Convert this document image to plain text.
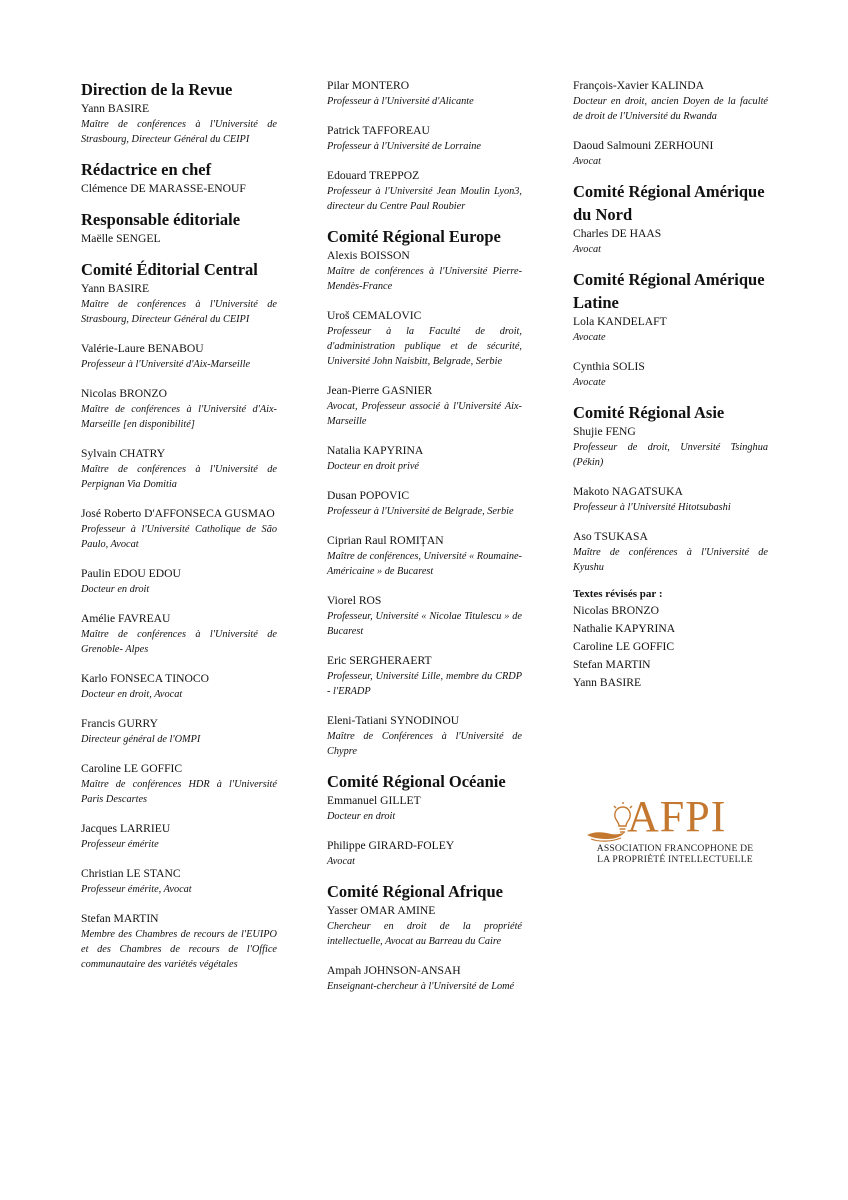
Direction de la Revue
Yann BASIRE
Maître de conférences à l'Université de Strasbourg, Directeur Général du CEIPI
Rédactrice en chef
Clémence DE MARASSE-ENOUF
Responsable éditoriale
Maëlle SENGEL
Comité Éditorial Central
Yann BASIRE
Maître de conférences à l'Université de Strasbourg, Directeur Général du CEIPI
Valérie-Laure BENABOU
Professeur à l'Université d'Aix-Marseille
Nicolas BRONZO
Maître de conférences à l'Université d'Aix- Marseille [en disponibilité]
Sylvain CHATRY
Maître de conférences à l'Université de Perpignan Via Domitia
José Roberto D'AFFONSECA GUSMAO
Professeur à l'Université Catholique de São Paulo, Avocat
Paulin EDOU EDOU
Docteur en droit
Amélie FAVREAU
Maître de conférences à l'Université de Grenoble- Alpes
Karlo FONSECA TINOCO
Docteur en droit, Avocat
Francis GURRY
Directeur général de l'OMPI
Caroline LE GOFFIC
Maître de conférences HDR à l'Université Paris Descartes
Jacques LARRIEU
Professeur émérite
Christian LE STANC
Professeur émérite, Avocat
Stefan MARTIN
Membre des Chambres de recours de l'EUIPO et des Chambres de recours de l'Office communautaire des variétés végétales
Pilar MONTERO
Professeur à l'Université d'Alicante
Patrick TAFFOREAU
Professeur à l'Université de Lorraine
Edouard TREPPOZ
Professeur à l'Université Jean Moulin Lyon3, directeur du Centre Paul Roubier
Comité Régional Europe
Alexis BOISSON
Maître de conférences à l'Université Pierre- Mendès-France
Uroš CEMALOVIC
Professeur à la Faculté de droit, d'administration publique et de sécurité, Université John Naisbitt, Belgrade, Serbie
Jean-Pierre GASNIER
Avocat, Professeur associé à l'Université Aix- Marseille
Natalia KAPYRINA
Docteur en droit privé
Dusan POPOVIC
Professeur à l'Université de Belgrade, Serbie
Ciprian Raul ROMIȚAN
Maître de conférences, Université « Roumaine-Américaine » de Bucarest
Viorel ROS
Professeur, Université « Nicolae Titulescu » de Bucarest
Eric SERGHERAERT
Professeur, Université Lille, membre du CRDP - l'ERADP
Eleni-Tatiani SYNODINOU
Maître de Conférences à l'Université de Chypre
Comité Régional Océanie
Emmanuel GILLET
Docteur en droit
Philippe GIRARD-FOLEY
Avocat
Comité Régional Afrique
Yasser OMAR AMINE
Chercheur en droit de la propriété intellectuelle, Avocat au Barreau du Caire
Ampah JOHNSON-ANSAH
Enseignant-chercheur à l'Université de Lomé
François-Xavier KALINDA
Docteur en droit, ancien Doyen de la faculté de droit de l'Université du Rwanda
Daoud Salmouni ZERHOUNI
Avocat
Comité Régional Amérique du Nord
Charles DE HAAS
Avocat
Comité Régional Amérique Latine
Lola KANDELAFT
Avocate
Cynthia SOLIS
Avocate
Comité Régional Asie
Shujie FENG
Professeur de droit, Unversité Tsinghua (Pékin)
Makoto NAGATSUKA
Professeur à l'Université Hitotsubashi
Aso TSUKASA
Maître de conférences à l'Université de Kyushu
Textes révisés par :
Nicolas BRONZO
Nathalie KAPYRINA
Caroline LE GOFFIC
Stefan MARTIN
Yann BASIRE
AFPI
ASSOCIATION FRANCOPHONE DE
LA PROPRIÉTÉ INTELLECTUELLE
